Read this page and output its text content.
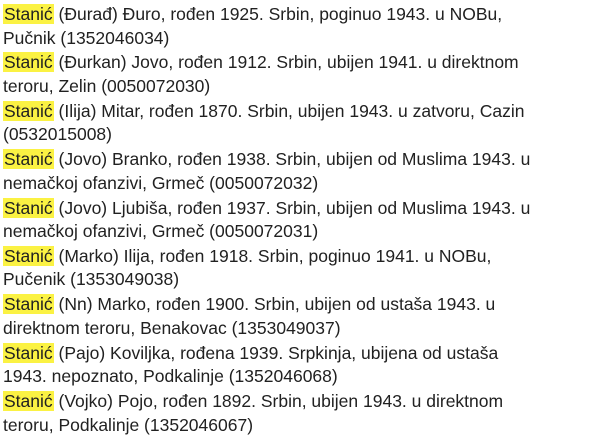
Stanić (Đurađ) Đuro, rođen 1925. Srbin, poginuo 1943. u NOBu,
Pučnik (1352046034)

Stanić (Đurkan) Jovo, rođen 1912. Srbin, ubijen 1941. u direktnom
teroru, Zelin (0050072030)

Stanić (Ilija) Mitar, rođen 1870. Srbin, ubijen 1943. u zatvoru, Cazin
(0532015008)

Stanić (Jovo) Branko, rođen 1938. Srbin, ubijen od Muslima 1943. u
nemačkoj ofanzivi, Grmeč (0050072032)

Stanić (Jovo) Ljubiša, rođen 1937. Srbin, ubijen od Muslima 1943. u
nemačkoj ofanzivi, Grmeč (0050072031)

Stanić (Marko) Ilija, rođen 1918. Srbin, poginuo 1941. u NOBu,
Pučenik (1353049038)

Stanić (Nn) Marko, rođen 1900. Srbin, ubijen od ustaša 1943. u
direktnom teroru, Benakovac (1353049037)

Stanić (Pajo) Koviljka, rođena 1939. Srpkinja, ubijena od ustaša
1943. nepoznato, Podkalinje (1352046068)

Stanić (Vojko) Pojo, rođen 1892. Srbin, ubijen 1943. u direktnom
teroru, Podkalinje (1352046067)
